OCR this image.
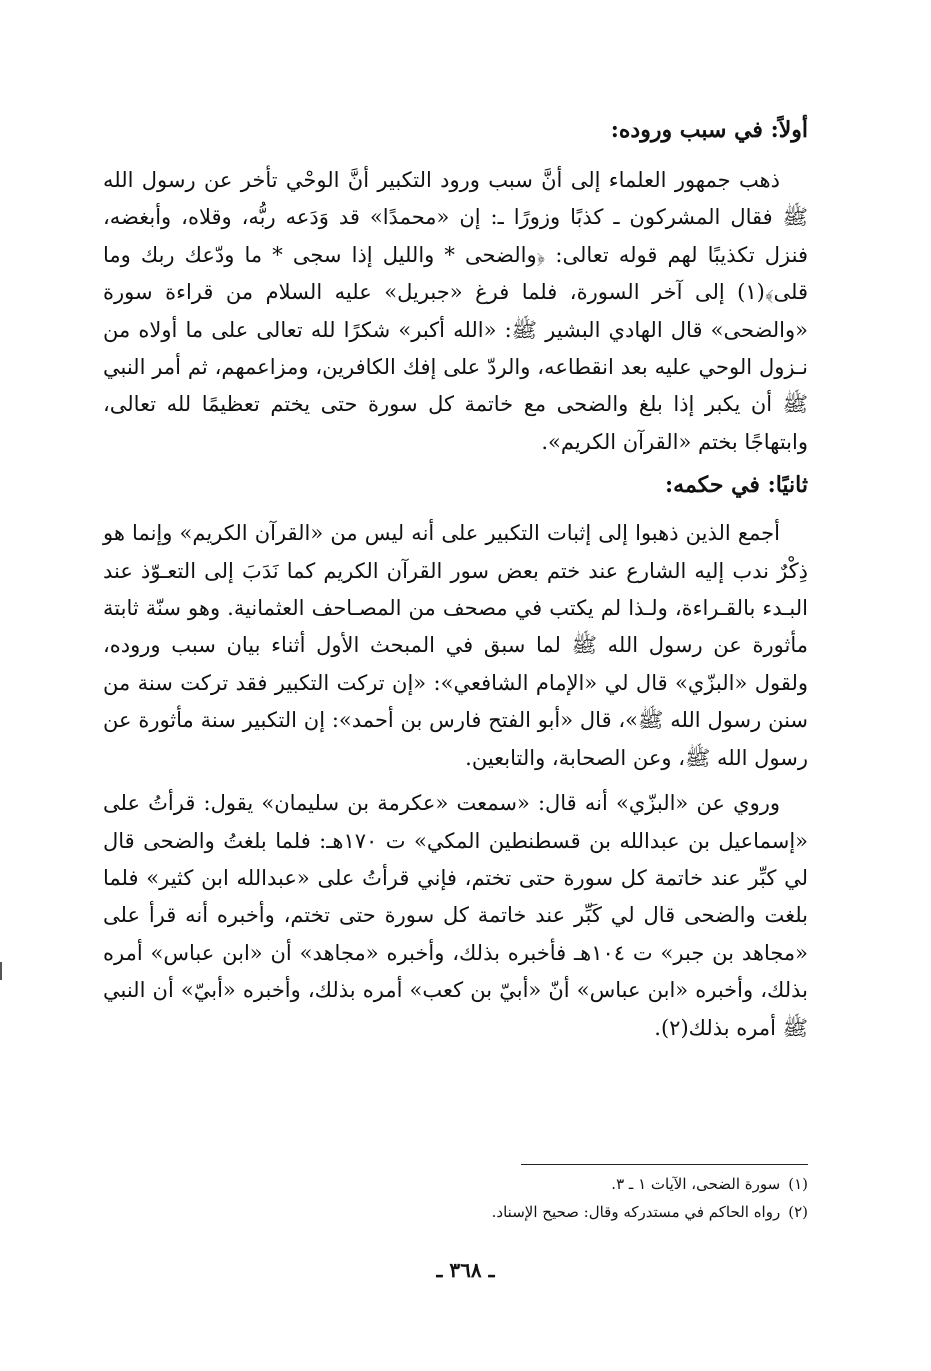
أولاً: في سبب وروده:

ذهب جمهور العلماء إلى أنَّ سبب ورود التكبير أنَّ الوحْي تأخر عن رسول الله ﷺ فقال المشركون ـ كذبًا وزورًا ـ: إن «محمدًا» قد وَدَعه ربُّه، وقلاه، وأبغضه، فنزل تكذيبًا لهم قوله تعالى: ﴿والضحى * والليل إذا سجى * ما ودّعك ربك وما قلى﴾(١) إلى آخر السورة، فلما فرغ «جبريل» عليه السلام من قراءة سورة «والضحى» قال الهادي البشير ﷺ: «الله أكبر» شكرًا لله تعالى على ما أولاه من نـزول الوحي عليه بعد انقطاعه، والردّ على إفك الكافرين، ومزاعمهم، ثم أمر النبي ﷺ أن يكبر إذا بلغ والضحى مع خاتمة كل سورة حتى يختم تعظيمًا لله تعالى، وابتهاجًا بختم «القرآن الكريم».

ثانيًا: في حكمه:

أجمع الذين ذهبوا إلى إثبات التكبير على أنه ليس من «القرآن الكريم» وإنما هو ذِكْرٌ ندب إليه الشارع عند ختم بعض سور القرآن الكريم كما نَدَبَ إلى التعـوّذ عند البـدء بالقـراءة، ولـذا لم يكتب في مصحف من المصـاحف العثمانية. وهو سنّة ثابتة مأثورة عن رسول الله ﷺ لما سبق في المبحث الأول أثناء بيان سبب وروده، ولقول «البزّي» قال لي «الإمام الشافعي»: «إن تركت التكبير فقد تركت سنة من سنن رسول الله ﷺ»، قال «أبو الفتح فارس بن أحمد»: إن التكبير سنة مأثورة عن رسول الله ﷺ، وعن الصحابة، والتابعين.

وروي عن «البزّي» أنه قال: «سمعت «عكرمة بن سليمان» يقول: قرأتُ على «إسماعيل بن عبدالله بن قسطنطين المكي» ت ١٧٠هـ: فلما بلغتُ والضحى قال لي كبِّر عند خاتمة كل سورة حتى تختم، فإني قرأتُ على «عبدالله ابن كثير» فلما بلغت والضحى قال لي كَبِّر عند خاتمة كل سورة حتى تختم، وأخبره أنه قرأ على «مجاهد بن جبر» ت ١٠٤هـ فأخبره بذلك، وأخبره «مجاهد» أن «ابن عباس» أمره بذلك، وأخبره «ابن عباس» أنّ «أبيّ بن كعب» أمره بذلك، وأخبره «أبيّ» أن النبي ﷺ أمره بذلك(٢).

(١)سورة الضحى، الآيات ١ ـ ٣.

(٢)رواه الحاكم في مستدركه وقال: صحيح الإسناد.

ـ ٣٦٨ ـ
